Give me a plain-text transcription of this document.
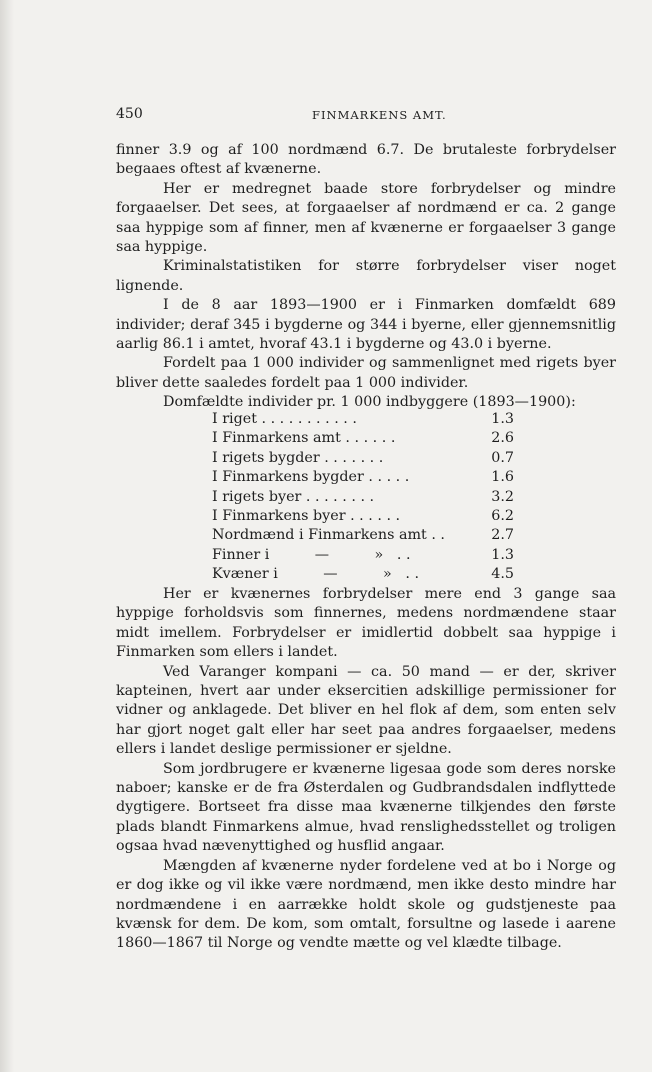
450	FINMARKENS AMT.

finner 3.9 og af 100 nordmænd 6.7. De brutaleste forbrydelser begaaes oftest af kvænerne.

Her er medregnet baade store forbrydelser og mindre forgaaelser. Det sees, at forgaaelser af nordmænd er ca. 2 gange saa hyppige som af finner, men af kvænerne er forgaaelser 3 gange saa hyppige.

Kriminalstatistiken for større forbrydelser viser noget lignende.

I de 8 aar 1893—1900 er i Finmarken domfældt 689 individer; deraf 345 i bygderne og 344 i byerne, eller gjennemsnitlig aarlig 86.1 i amtet, hvoraf 43.1 i bygderne og 43.0 i byerne.

Fordelt paa 1 000 individer og sammenlignet med rigets byer bliver dette saaledes fordelt paa 1 000 individer.

Domfældte individer pr. 1 000 indbyggere (1893—1900):

I riget . . . . . . . . . . .	1.3
I Finmarkens amt . . . . . .	2.6
I rigets bygder . . . . . . .	0.7
I Finmarkens bygder . . . . .	1.6
I rigets byer . . . . . . . .	3.2
I Finmarkens byer . . . . . .	6.2
Nordmænd i Finmarkens amt . .	2.7
Finner i          —          »   . .	1.3
Kvæner i          —          »   . .	4.5

Her er kvænernes forbrydelser mere end 3 gange saa hyppige forholdsvis som finnernes, medens nordmændene staar midt imellem. Forbrydelser er imidlertid dobbelt saa hyppige i Finmarken som ellers i landet.

Ved Varanger kompani — ca. 50 mand — er der, skriver kapteinen, hvert aar under eksercitien adskillige permissioner for vidner og anklagede. Det bliver en hel flok af dem, som enten selv har gjort noget galt eller har seet paa andres forgaaelser, medens ellers i landet deslige permissioner er sjeldne.

Som jordbrugere er kvænerne ligesaa gode som deres norske naboer; kanske er de fra Østerdalen og Gudbrandsdalen indflyttede dygtigere. Bortseet fra disse maa kvænerne tilkjendes den første plads blandt Finmarkens almue, hvad renslighedsstellet og troligen ogsaa hvad nævenyttighed og husflid angaar.

Mængden af kvænerne nyder fordelene ved at bo i Norge og er dog ikke og vil ikke være nordmænd, men ikke desto mindre har nordmændene i en aarrække holdt skole og gudstjeneste paa kvænsk for dem. De kom, som omtalt, forsultne og lasede i aarene 1860—1867 til Norge og vendte mætte og vel klædte tilbage.
